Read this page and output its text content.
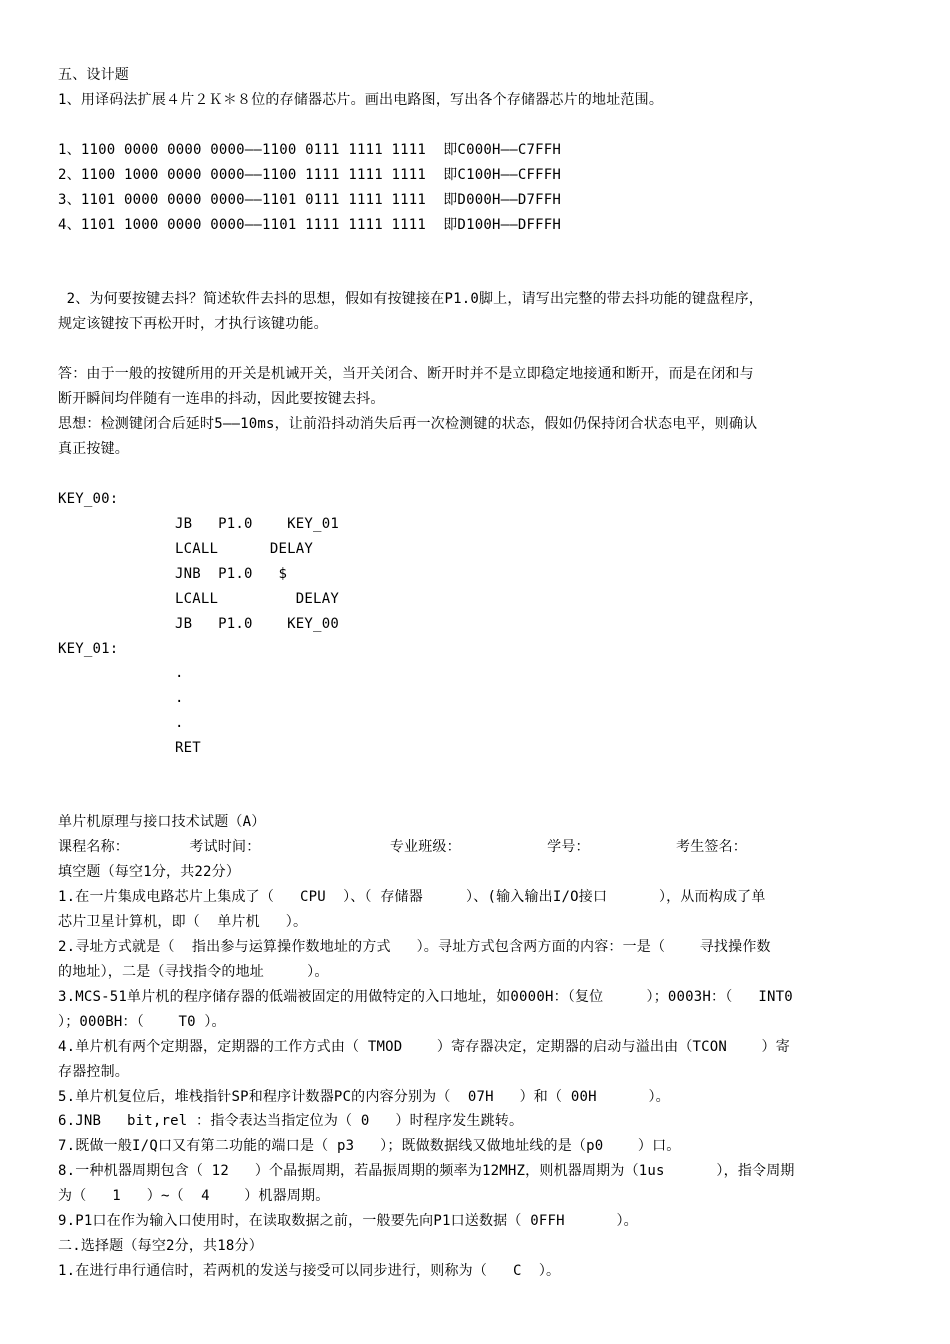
五、设计题
1、用译码法扩展４片２Ｋ＊８位的存储器芯片。画出电路图，写出各个存储器芯片的地址范围。
1、1100 0000 0000 0000——1100 0111 1111 1111  即C000H——C7FFH
2、1100 1000 0000 0000——1100 1111 1111 1111  即C100H——CFFFH
3、1101 0000 0000 0000——1101 0111 1111 1111  即D000H——D7FFH
4、1101 1000 0000 0000——1101 1111 1111 1111  即D100H——DFFFH
2、为何要按键去抖？简述软件去抖的思想，假如有按键接在P1.0脚上，请写出完整的带去抖功能的键盘程序，
规定该键按下再松开时，才执行该键功能。
答：由于一般的按键所用的开关是机诫开关，当开关闭合、断开时并不是立即稳定地接通和断开，而是在闭和与
断开瞬间均伴随有一连串的抖动，因此要按键去抖。
思想：检测键闭合后延时5——10ms，让前沿抖动消失后再一次检测键的状态，假如仍保持闭合状态电平，则确认
真正按键。
KEY_00:
JB   P1.0    KEY_01
LCALL      DELAY
JNB  P1.0   $
LCALL         DELAY
JB   P1.0    KEY_00
KEY_01:
.
.
.
RET
单片机原理与接口技术试题（A）
课程名称：       考试时间：               专业班级：          学号：          考生签名：
填空题（每空1分，共22分）
1.在一片集成电路芯片上集成了（   CPU  ）、（ 存储器     ）、(输入输出I/O接口      ），从而构成了单
芯片卫星计算机，即（  单片机   ）。
2.寻址方式就是（  指出参与运算操作数地址的方式   ）。寻址方式包含两方面的内容：一是（    寻找操作数
的地址），二是（寻找指令的地址     ）。
3.MCS-51单片机的程序储存器的低端被固定的用做特定的入口地址，如0000H：（复位     ）；0003H：（   INT0
）；000BH：（    T0 ）。
4.单片机有两个定期器，定期器的工作方式由（ TMOD    ）寄存器决定，定期器的启动与溢出由（TCON    ）寄
存器控制。
5.单片机复位后，堆栈指针SP和程序计数器PC的内容分别为（  07H   ）和（ 00H      ）。
6.JNB   bit,rel ：指令表达当指定位为（ 0   ）时程序发生跳转。
7.既做一般I/Q口又有第二功能的端口是（ p3   ）；既做数据线又做地址线的是（p0    ）口。
8.一种机器周期包含（ 12   ）个晶振周期，若晶振周期的频率为12MHZ，则机器周期为（1us      ），指令周期
为（   1   ）~（  4    ）机器周期。
9.P1口在作为输入口使用时，在读取数据之前，一般要先向P1口送数据（ 0FFH      ）。
二.选择题（每空2分，共18分）
1.在进行串行通信时，若两机的发送与接受可以同步进行，则称为（   C  ）。
